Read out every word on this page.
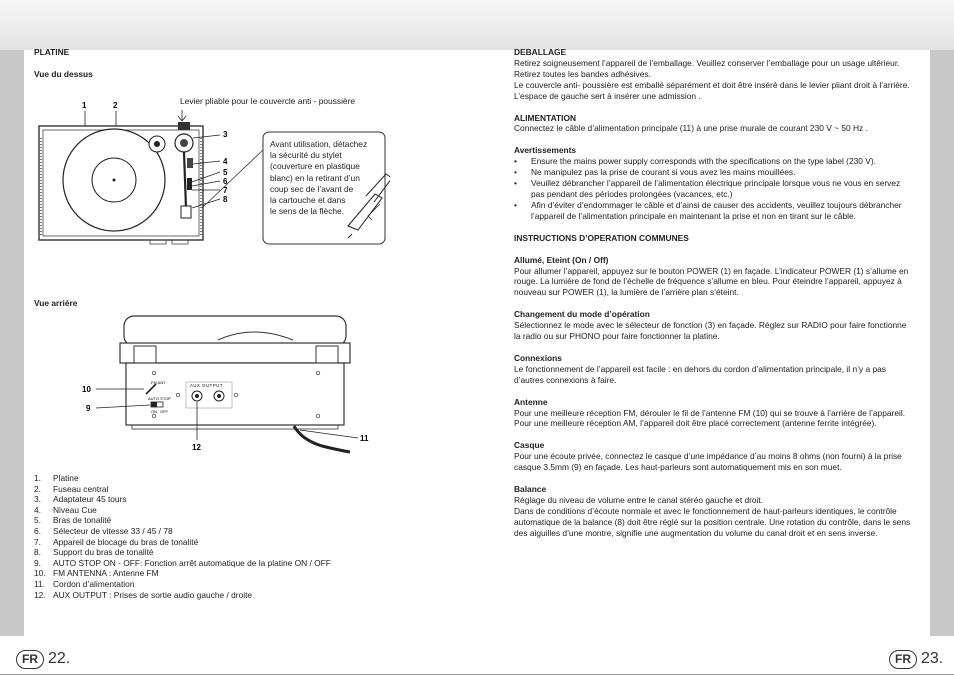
PLATINE
Vue du dessus
Levier pliable pour le couvercle anti - poussière
1	2
3
4
5
6
7
8
Avant utilisation, détachez
la sécurité du stylet
(couverture en plastique
blanc) en la retirant d’un
coup sec de l’avant de
la cartouche et dans
le sens de la flèche.
Vue arrière
FM ANT
AUTO STOP
ON OFF
AUX OUTPUT
10
9
12
11
1.	Platine
2.	Fuseau central
3.	Adaptateur 45 tours
4.	Niveau Cue
5.	Bras de tonalité
6.	Sélecteur de vitesse 33 / 45 / 78
7.	Appareil de blocage du bras de tonalité
8.	Support du bras de tonalité
9.	AUTO STOP ON - OFF: Fonction arrêt automatique de la platine ON / OFF
10. FM ANTENNA : Antenne FM
11. Cordon d’alimentation
12. AUX OUTPUT : Prises de sortie audio gauche / droite
FR 22.
DEBALLAGE

Retirez soigneusement l’appareil de l’emballage. Veuillez conserver l’emballage pour un usage ultérieur. Retirez toutes les bandes adhésives.

Le couvercle anti- poussière est emballé séparément et doit être inséré dans le levier pliant droit à l’arrière. L’espace de gauche sert à insérer une admission .

ALIMENTATION

Connectez le câble d’alimentation principale (11) à une prise murale de courant 230 V ~ 50 Hz .

Avertissements
• Ensure the mains power supply corresponds with the specifications on the type label (230 V).
• Ne manipulez pas la prise de courant si vous avez les mains mouillées.
• Veuillez débrancher l’appareil de l’alimentation électrique principale lorsque vous ne vous en servez pas pendant des périodes prolongées (vacances, etc.)
• Afin d’éviter d’endommager le câble et d’ainsi de causer des accidents, veuillez toujours débrancher l’appareil de l’alimentation principale en maintenant la prise et non en tirant sur le câble.
INSTRUCTIONS D’OPERATION COMMUNES
Allumé, Eteint (On / Off)

Pour allumer l’appareil, appuyez sur le bouton POWER (1) en façade. L’indicateur POWER (1) s’allume en rouge. La lumière de fond de l’échelle de fréquence s’allume en bleu. Pour éteindre l’appareil, appuyez à nouveau sur POWER (1), la lumière de l’arrière plan s’éteint.

Changement du mode d’opération

Sélectionnez le mode avec le sélecteur de fonction (3) en façade. Réglez sur RADIO pour faire fonctionne la radio ou sur PHONO pour faire fonctionner la platine.

Connexions

Le fonctionnement de l’appareil est facile : en dehors du cordon d’alimentation principale, il n’y a pas d’autres connexions à faire.

Antenne

Pour une meilleure réception FM, dérouler le fil de l’antenne FM (10) qui se trouve à l’arrière de l’appareil.

Pour une meilleure réception AM, l’appareil doit être placé correctement (antenne ferrite intégrée).

Casque

Pour une écoute privée, connectez le casque d’une impédance d’au moins 8 ohms (non fourni) à la prise casque 3.5mm (9) en façade. Les haut-parleurs sont automatiquement mis en son muet.

Balance

Réglage du niveau de volume entre le canal stéréo gauche et droit.

Dans de conditions d’écoute normale et avec le fonctionnement de haut-parleurs identiques, le contrôle automatique de la balance (8) doit être réglé sur la position centrale. Une rotation du contrôle, dans le sens des aiguilles d’une montre, signifie une augmentation du volume du canal droit et en sens inverse.

FR 23.
